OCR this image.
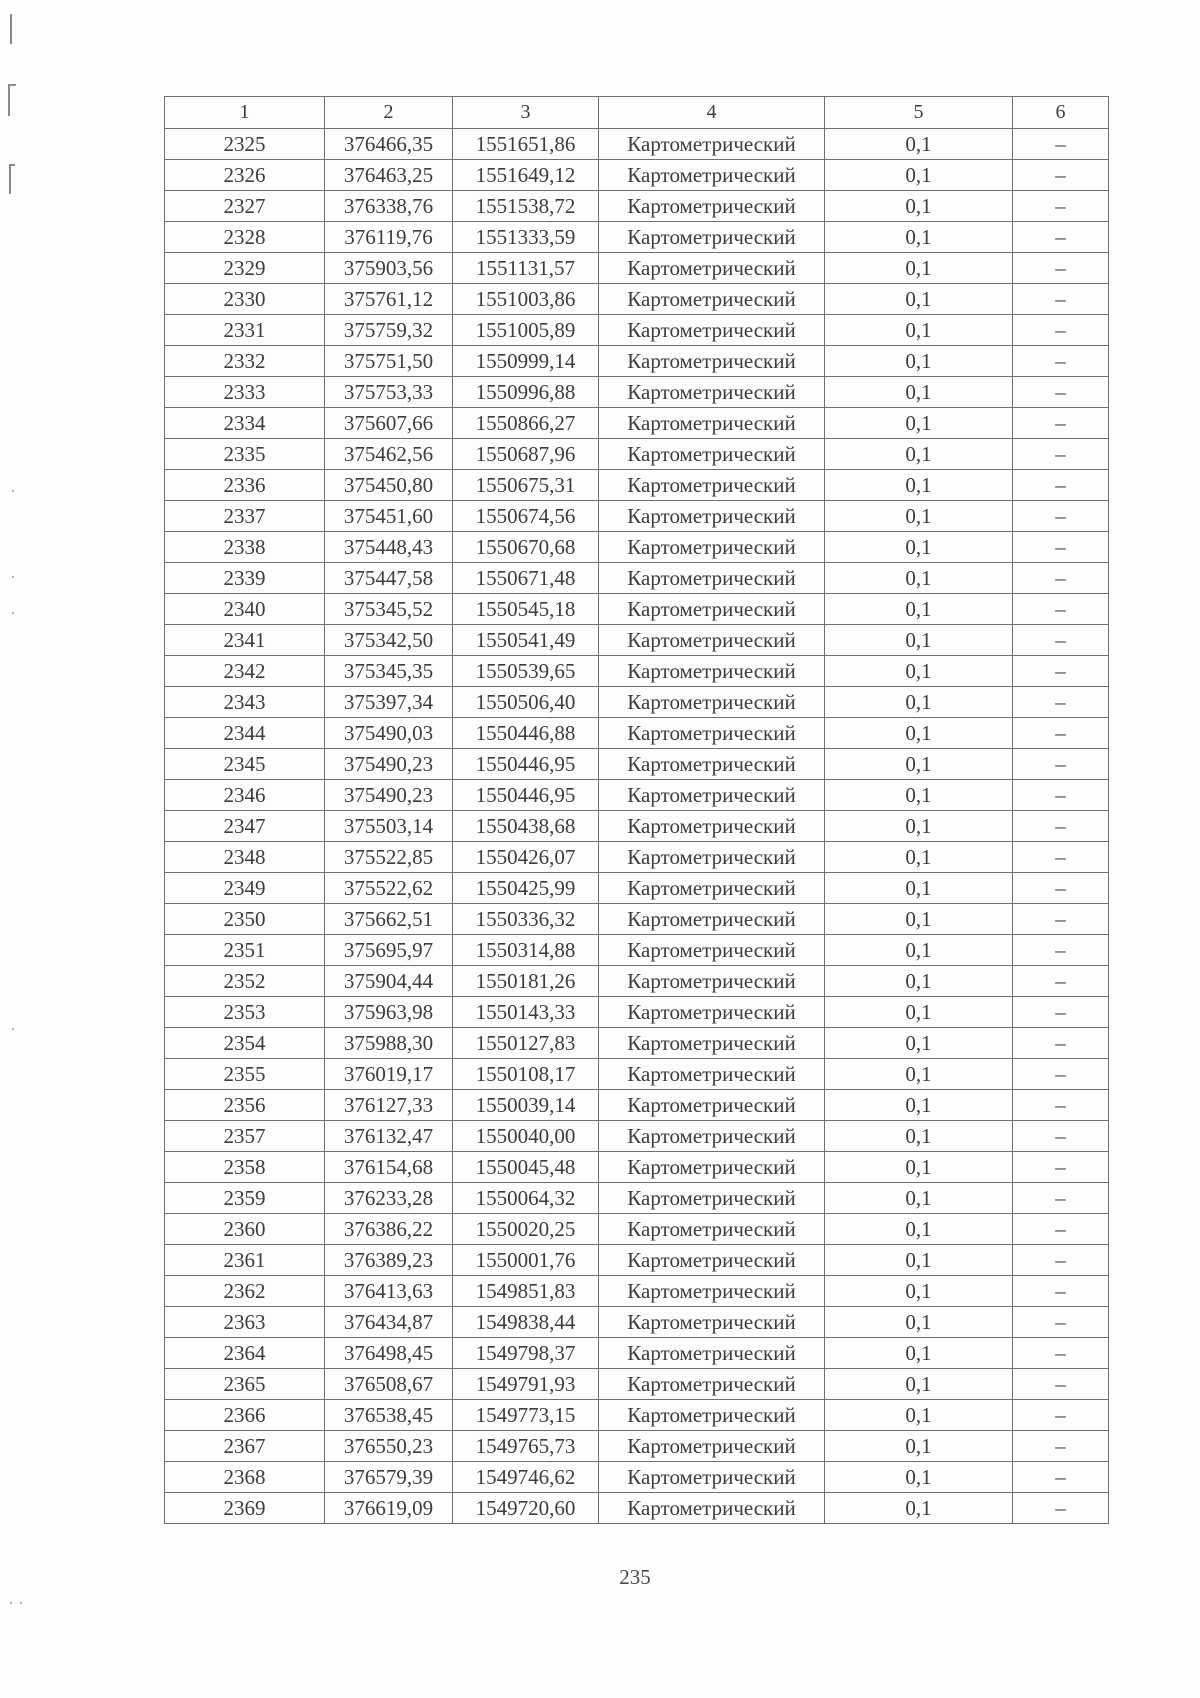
1	2	3	4	5	6
2325	376466,35	1551651,86	Картометрический	0,1	–
2326	376463,25	1551649,12	Картометрический	0,1	–
2327	376338,76	1551538,72	Картометрический	0,1	–
2328	376119,76	1551333,59	Картометрический	0,1	–
2329	375903,56	1551131,57	Картометрический	0,1	–
2330	375761,12	1551003,86	Картометрический	0,1	–
2331	375759,32	1551005,89	Картометрический	0,1	–
2332	375751,50	1550999,14	Картометрический	0,1	–
2333	375753,33	1550996,88	Картометрический	0,1	–
2334	375607,66	1550866,27	Картометрический	0,1	–
2335	375462,56	1550687,96	Картометрический	0,1	–
2336	375450,80	1550675,31	Картометрический	0,1	–
2337	375451,60	1550674,56	Картометрический	0,1	–
2338	375448,43	1550670,68	Картометрический	0,1	–
2339	375447,58	1550671,48	Картометрический	0,1	–
2340	375345,52	1550545,18	Картометрический	0,1	–
2341	375342,50	1550541,49	Картометрический	0,1	–
2342	375345,35	1550539,65	Картометрический	0,1	–
2343	375397,34	1550506,40	Картометрический	0,1	–
2344	375490,03	1550446,88	Картометрический	0,1	–
2345	375490,23	1550446,95	Картометрический	0,1	–
2346	375490,23	1550446,95	Картометрический	0,1	–
2347	375503,14	1550438,68	Картометрический	0,1	–
2348	375522,85	1550426,07	Картометрический	0,1	–
2349	375522,62	1550425,99	Картометрический	0,1	–
2350	375662,51	1550336,32	Картометрический	0,1	–
2351	375695,97	1550314,88	Картометрический	0,1	–
2352	375904,44	1550181,26	Картометрический	0,1	–
2353	375963,98	1550143,33	Картометрический	0,1	–
2354	375988,30	1550127,83	Картометрический	0,1	–
2355	376019,17	1550108,17	Картометрический	0,1	–
2356	376127,33	1550039,14	Картометрический	0,1	–
2357	376132,47	1550040,00	Картометрический	0,1	–
2358	376154,68	1550045,48	Картометрический	0,1	–
2359	376233,28	1550064,32	Картометрический	0,1	–
2360	376386,22	1550020,25	Картометрический	0,1	–
2361	376389,23	1550001,76	Картометрический	0,1	–
2362	376413,63	1549851,83	Картометрический	0,1	–
2363	376434,87	1549838,44	Картометрический	0,1	–
2364	376498,45	1549798,37	Картометрический	0,1	–
2365	376508,67	1549791,93	Картометрический	0,1	–
2366	376538,45	1549773,15	Картометрический	0,1	–
2367	376550,23	1549765,73	Картометрический	0,1	–
2368	376579,39	1549746,62	Картометрический	0,1	–
2369	376619,09	1549720,60	Картометрический	0,1	–
235
